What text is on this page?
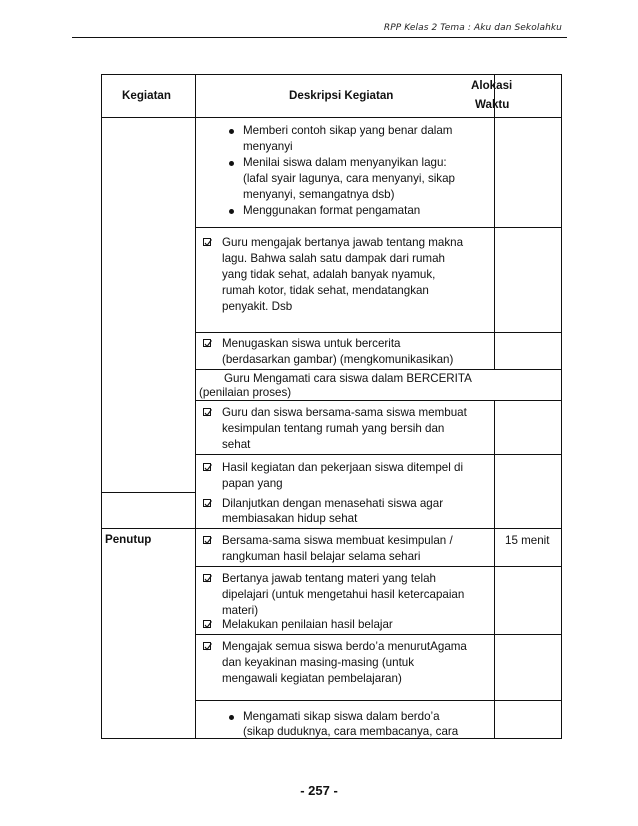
RPP Kelas 2 Tema : Aku dan Sekolahku
Kegiatan	Deskripsi Kegiatan
Alokasi
Waktu
Memberi contoh sikap yang benar dalam
menyanyi
Menilai siswa dalam menyanyikan lagu:
(lafal syair lagunya, cara menyanyi, sikap
menyanyi, semangatnya dsb)
Menggunakan format pengamatan
Guru mengajak bertanya jawab tentang makna
lagu. Bahwa salah satu dampak dari rumah
yang tidak sehat, adalah banyak nyamuk,
rumah kotor, tidak sehat, mendatangkan
penyakit. Dsb
Menugaskan siswa untuk bercerita
(berdasarkan gambar) (mengkomunikasikan)
Guru Mengamati cara siswa dalam BERCERITA
(penilaian proses)
Guru dan siswa bersama-sama siswa membuat
kesimpulan tentang rumah yang bersih dan
sehat
Hasil kegiatan dan pekerjaan siswa ditempel di
papan yang
Dilanjutkan dengan menasehati siswa agar
membiasakan hidup sehat
Penutup	Bersama-sama siswa membuat kesimpulan /
rangkuman hasil belajar selama sehari
15 menit
Bertanya jawab tentang materi yang telah
dipelajari (untuk mengetahui hasil ketercapaian
materi)
Melakukan penilaian hasil belajar
Mengajak semua siswa berdo’a menurutAgama
dan keyakinan masing-masing (untuk
mengawali kegiatan pembelajaran)
Mengamati sikap siswa dalam berdo’a
(sikap duduknya, cara membacanya, cara
- 257 -
